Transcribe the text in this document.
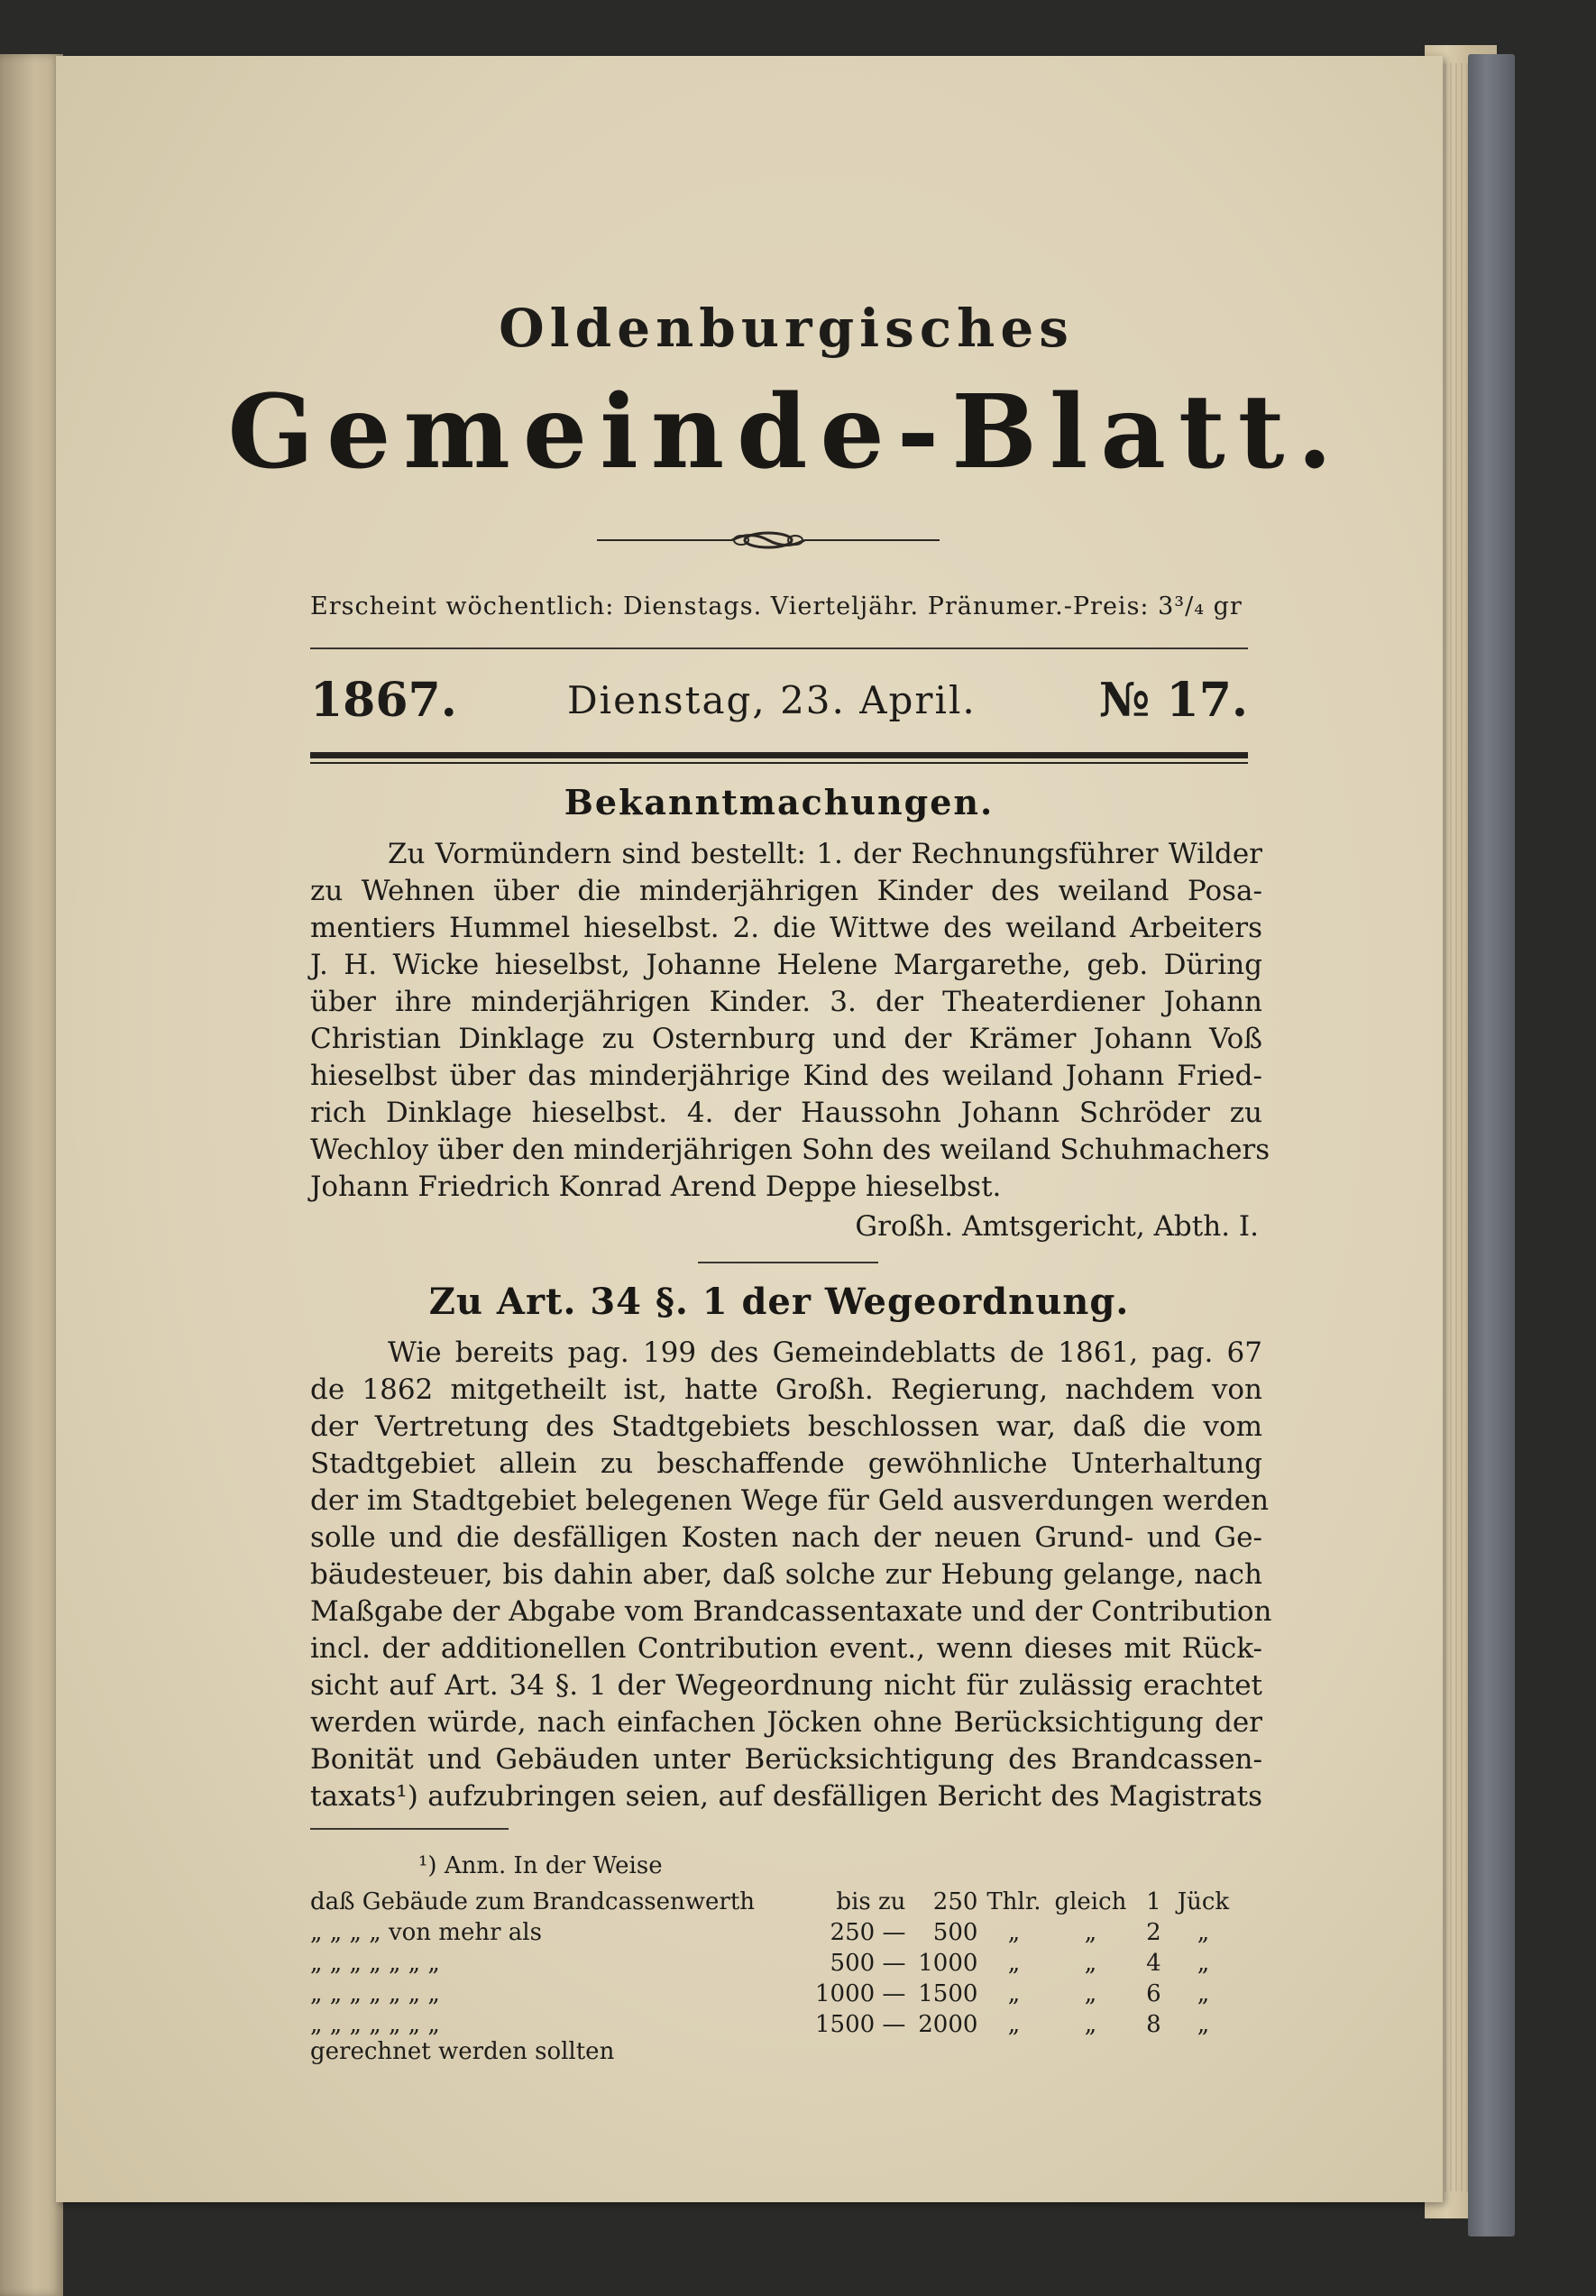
Oldenburgisches
Gemeinde-Blatt.
Erscheint wöchentlich: Dienstags. Vierteljähr. Pränumer.-Preis: 3³/₄ gr
1867.	Dienstag, 23. April.	№ 17.
Bekanntmachungen.
Zu Vormündern sind bestellt: 1. der Rechnungsführer Wilder
zu Wehnen über die minderjährigen Kinder des weiland Posa-
mentiers Hummel hieselbst. 2. die Wittwe des weiland Arbeiters
J. H. Wicke hieselbst, Johanne Helene Margarethe, geb. Düring
über ihre minderjährigen Kinder. 3. der Theaterdiener Johann
Christian Dinklage zu Osternburg und der Krämer Johann Voß
hieselbst über das minderjährige Kind des weiland Johann Fried-
rich Dinklage hieselbst. 4. der Haussohn Johann Schröder zu
Wechloy über den minderjährigen Sohn des weiland Schuhmachers
Johann Friedrich Konrad Arend Deppe hieselbst.
Großh. Amtsgericht, Abth. I.
Zu Art. 34 §. 1 der Wegeordnung.
Wie bereits pag. 199 des Gemeindeblatts de 1861, pag. 67
de 1862 mitgetheilt ist, hatte Großh. Regierung, nachdem von
der Vertretung des Stadtgebiets beschlossen war, daß die vom
Stadtgebiet allein zu beschaffende gewöhnliche Unterhaltung
der im Stadtgebiet belegenen Wege für Geld ausverdungen werden
solle und die desfälligen Kosten nach der neuen Grund- und Ge-
bäudesteuer, bis dahin aber, daß solche zur Hebung gelange, nach
Maßgabe der Abgabe vom Brandcassentaxate und der Contribution
incl. der additionellen Contribution event., wenn dieses mit Rück-
sicht auf Art. 34 §. 1 der Wegeordnung nicht für zulässig erachtet
werden würde, nach einfachen Jöcken ohne Berücksichtigung der
Bonität und Gebäuden unter Berücksichtigung des Brandcassen-
taxats¹) aufzubringen seien, auf desfälligen Bericht des Magistrats
¹) Anm. In der Weise
daß Gebäude zum Brandcassenwerth	bis zu	250	Thlr.	gleich	1	Jück
„ „ „ „ von mehr als	250 —	500	„	„	2	„
„ „ „ „ „ „ „	500 —	1000	„	„	4	„
„ „ „ „ „ „ „	1000 —	1500	„	„	6	„
„ „ „ „ „ „ „	1500 —	2000	„	„	8	„
gerechnet werden sollten
